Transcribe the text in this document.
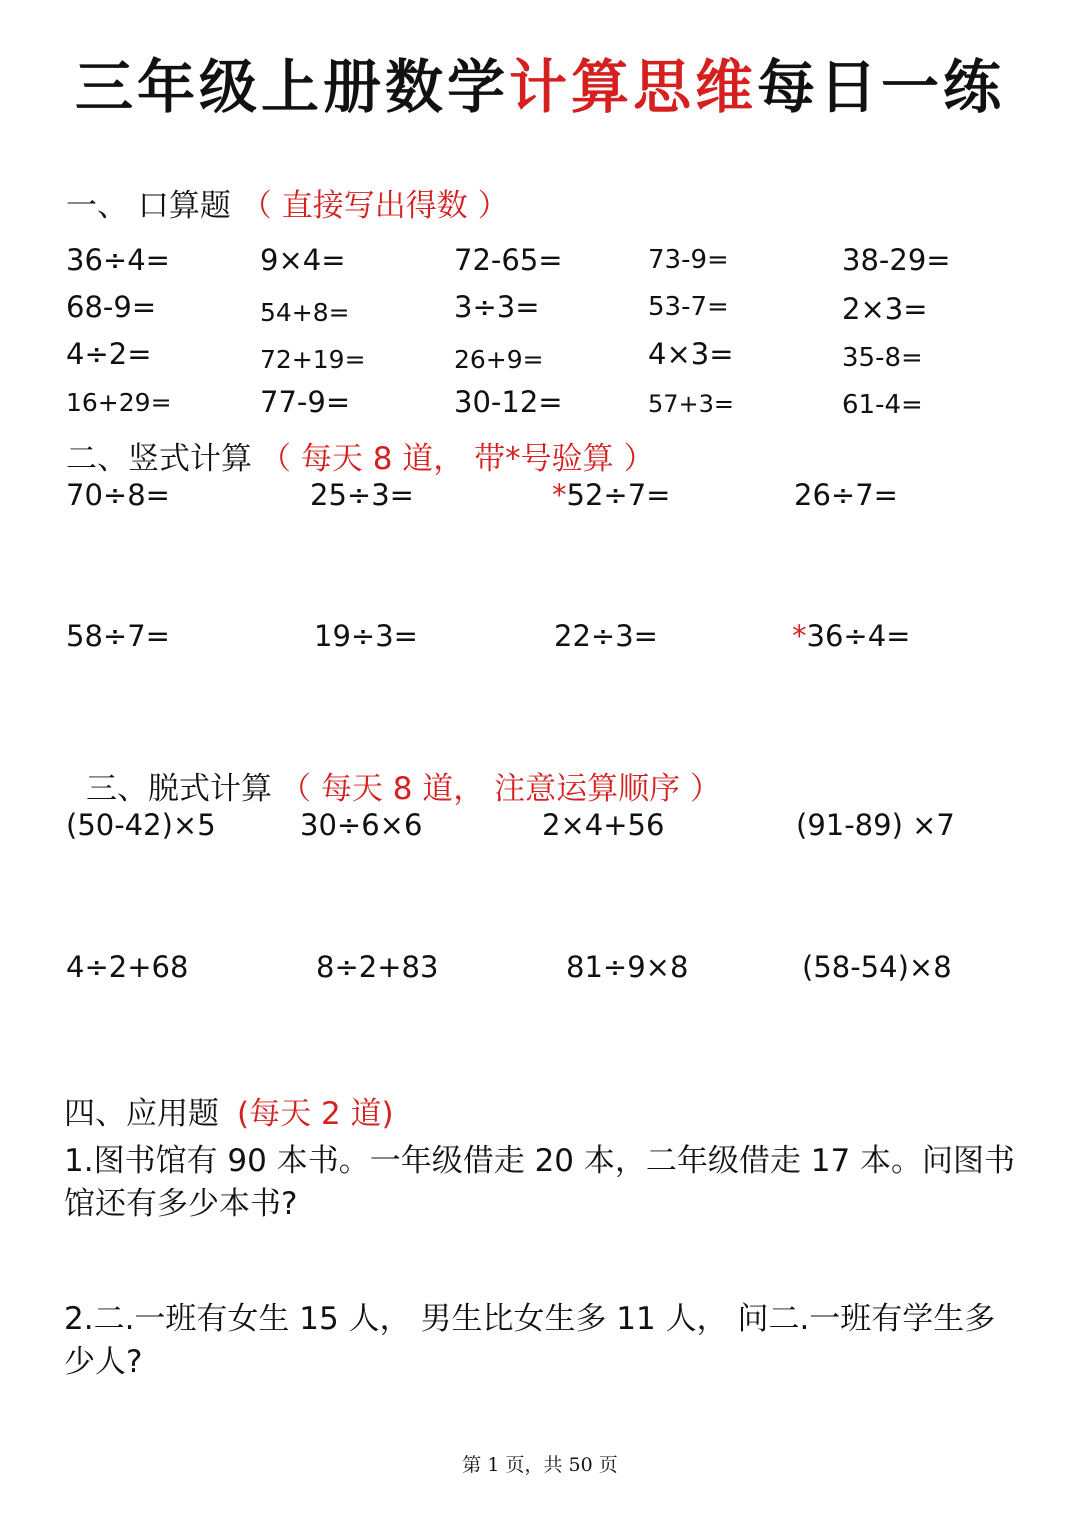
三年级上册数学计算思维每日一练
一、 口算题 （ 直接写出得数 ）
36÷4=	9×4=	72-65=	73-9=	38-29=
68-9=	54+8=	3÷3=	53-7=	2×3=
4÷2=	72+19=	26+9=	4×3=	35-8=
16+29=	77-9=	30-12=	57+3=	61-4=
二、竖式计算 （ 每天 8 道， 带*号验算 ）
70÷8=	25÷3=	*52÷7=	26÷7=
58÷7=	19÷3=	22÷3=	*36÷4=
三、脱式计算 （ 每天 8 道， 注意运算顺序 ）
(50-42)×5	30÷6×6	2×4+56	(91-89) ×7
4÷2+68	8÷2+83	81÷9×8	(58-54)×8
四、应用题 (每天 2 道)
1.图书馆有 90 本书。一年级借走 20 本，二年级借走 17 本。问图书馆还有多少本书?
2.二.一班有女生 15 人， 男生比女生多 11 人， 问二.一班有学生多少人?
第 1 页，共 50 页
